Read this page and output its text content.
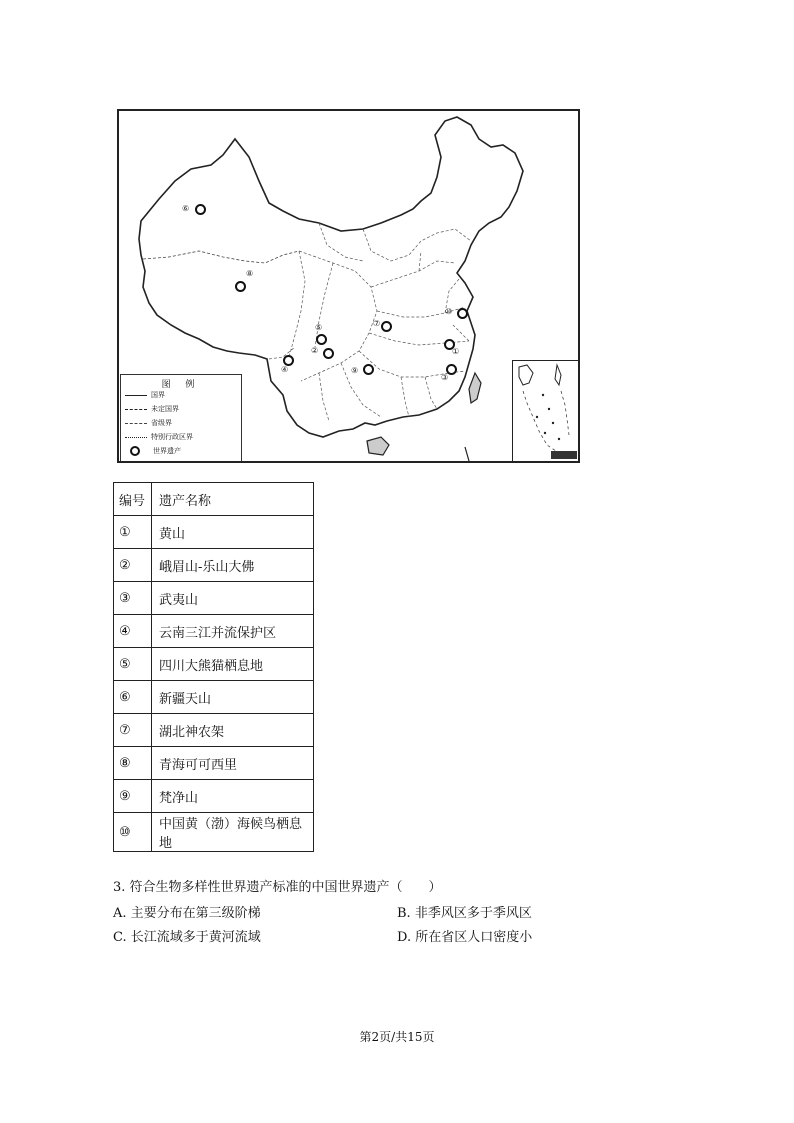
⑥
⑧
⑤
④
②
⑨
⑦
⑩
①
③
图 例
国界
未定国界
省级界
特别行政区界
世界遗产
编号	遗产名称
①	黄山
②	峨眉山-乐山大佛
③	武夷山
④	云南三江并流保护区
⑤	四川大熊猫栖息地
⑥	新疆天山
⑦	湖北神农架
⑧	青海可可西里
⑨	梵净山
⑩	中国黄（渤）海候鸟栖息地
3. 符合生物多样性世界遗产标准的中国世界遗产（　　）
A. 主要分布在第三级阶梯	B. 非季风区多于季风区
C. 长江流域多于黄河流域	D. 所在省区人口密度小
第2页/共15页
